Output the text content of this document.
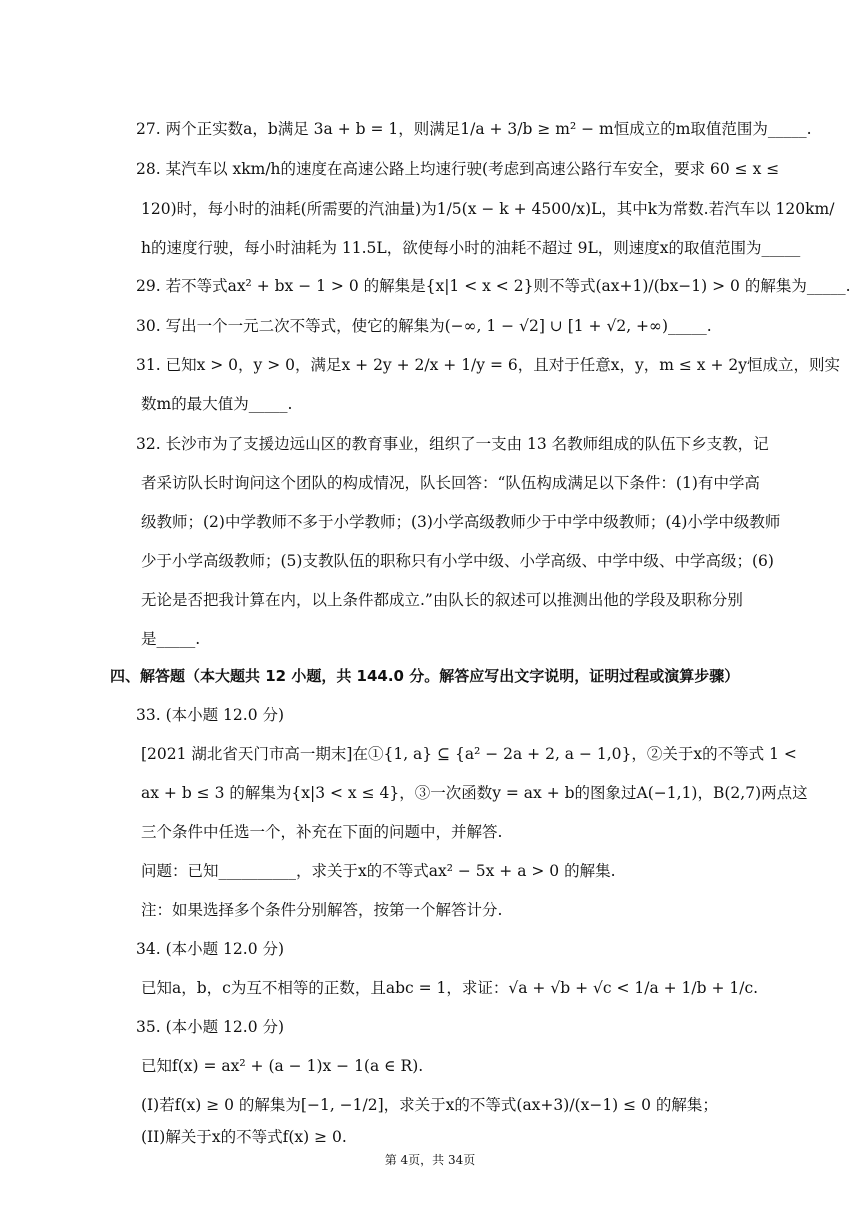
27. 两个正实数a，b满足 3a + b = 1，则满足1/a + 3/b ≥ m² − m恒成立的m取值范围为_____.
28. 某汽车以 xkm/h的速度在高速公路上均速行驶(考虑到高速公路行车安全，要求 60 ≤ x ≤
120)时，每小时的油耗(所需要的汽油量)为1/5(x − k + 4500/x)L，其中k为常数.若汽车以 120km/
h的速度行驶，每小时油耗为 11.5L，欲使每小时的油耗不超过 9L，则速度x的取值范围为_____
29. 若不等式ax² + bx − 1 > 0 的解集是{x|1 < x < 2}则不等式(ax+1)/(bx−1) > 0 的解集为_____.
30. 写出一个一元二次不等式，使它的解集为(−∞, 1 − √2] ∪ [1 + √2, +∞)_____.
31. 已知x > 0，y > 0，满足x + 2y + 2/x + 1/y = 6，且对于任意x，y，m ≤ x + 2y恒成立，则实
数m的最大值为_____.
32. 长沙市为了支援边远山区的教育事业，组织了一支由 13 名教师组成的队伍下乡支教，记
者采访队长时询问这个团队的构成情况，队长回答：“队伍构成满足以下条件：(1)有中学高
级教师；(2)中学教师不多于小学教师；(3)小学高级教师少于中学中级教师；(4)小学中级教师
少于小学高级教师；(5)支教队伍的职称只有小学中级、小学高级、中学中级、中学高级；(6)
无论是否把我计算在内，以上条件都成立.”由队长的叙述可以推测出他的学段及职称分别
是_____.
四、解答题（本大题共 12 小题，共 144.0 分。解答应写出文字说明，证明过程或演算步骤）
33. (本小题 12.0 分)
[2021 湖北省天门市高一期末]在①{1, a} ⊆ {a² − 2a + 2, a − 1,0}，②关于x的不等式 1 <
ax + b ≤ 3 的解集为{x|3 < x ≤ 4}，③一次函数y = ax + b的图象过A(−1,1)，B(2,7)两点这
三个条件中任选一个，补充在下面的问题中，并解答.
问题：已知__________，求关于x的不等式ax² − 5x + a > 0 的解集.
注：如果选择多个条件分别解答，按第一个解答计分.
34. (本小题 12.0 分)
已知a，b，c为互不相等的正数，且abc = 1，求证：√a + √b + √c < 1/a + 1/b + 1/c.
35. (本小题 12.0 分)
已知f(x) = ax² + (a − 1)x − 1(a ∈ R).
(I)若f(x) ≥ 0 的解集为[−1, −1/2]，求关于x的不等式(ax+3)/(x−1) ≤ 0 的解集；
(II)解关于x的不等式f(x) ≥ 0.
第 4页，共 34页
